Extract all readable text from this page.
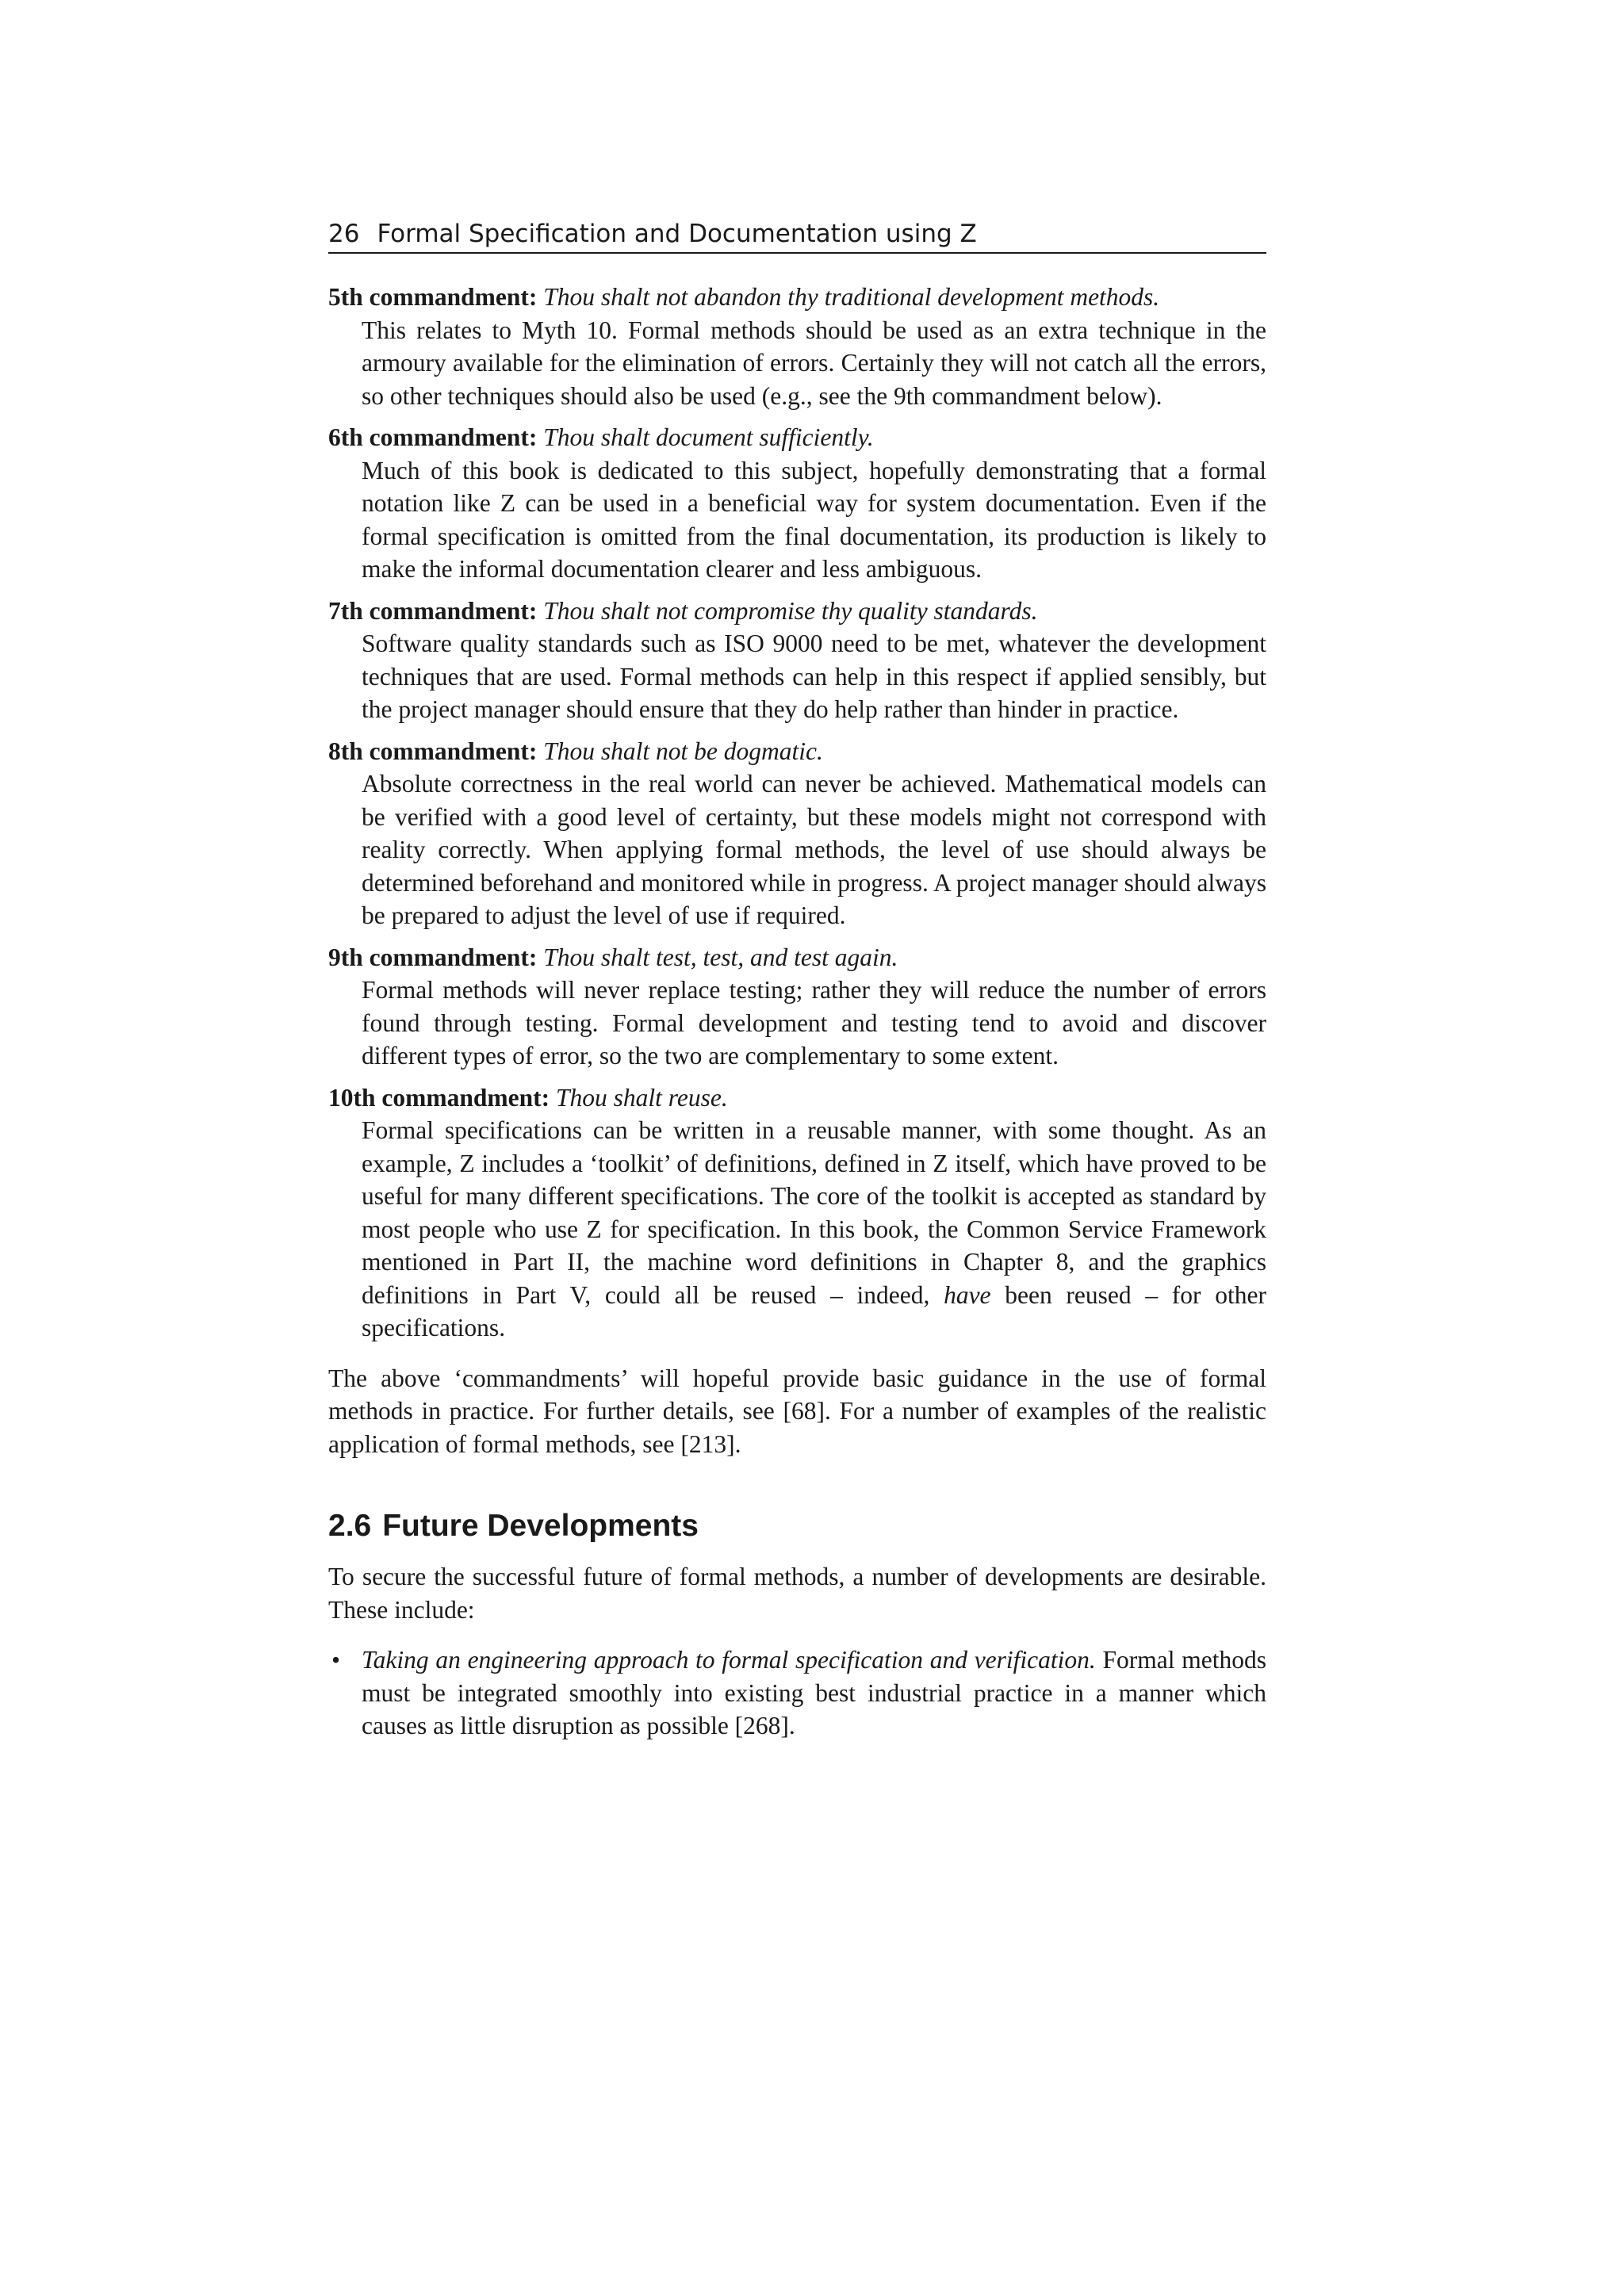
26 Formal Specification and Documentation using Z

5th commandment: Thou shalt not abandon thy traditional development methods.

This relates to Myth 10. Formal methods should be used as an extra technique in the armoury available for the elimination of errors. Certainly they will not catch all the errors, so other techniques should also be used (e.g., see the 9th commandment below).

6th commandment: Thou shalt document sufficiently.

Much of this book is dedicated to this subject, hopefully demonstrating that a formal notation like Z can be used in a beneficial way for system documentation. Even if the formal specification is omitted from the final documentation, its production is likely to make the informal documentation clearer and less ambiguous.

7th commandment: Thou shalt not compromise thy quality standards.

Software quality standards such as ISO 9000 need to be met, whatever the development techniques that are used. Formal methods can help in this respect if applied sensibly, but the project manager should ensure that they do help rather than hinder in practice.

8th commandment: Thou shalt not be dogmatic.

Absolute correctness in the real world can never be achieved. Mathematical models can be verified with a good level of certainty, but these models might not correspond with reality correctly. When applying formal methods, the level of use should always be determined beforehand and monitored while in progress. A project manager should always be prepared to adjust the level of use if required.

9th commandment: Thou shalt test, test, and test again.

Formal methods will never replace testing; rather they will reduce the number of errors found through testing. Formal development and testing tend to avoid and discover different types of error, so the two are complementary to some extent.

10th commandment: Thou shalt reuse.

Formal specifications can be written in a reusable manner, with some thought. As an example, Z includes a ‘toolkit’ of definitions, defined in Z itself, which have proved to be useful for many different specifications. The core of the toolkit is accepted as standard by most people who use Z for specification. In this book, the Common Service Framework mentioned in Part II, the machine word definitions in Chapter 8, and the graphics definitions in Part V, could all be reused – indeed, have been reused – for other specifications.

The above ‘commandments’ will hopeful provide basic guidance in the use of formal methods in practice. For further details, see [68]. For a number of examples of the realistic application of formal methods, see [213].

2.6 Future Developments

To secure the successful future of formal methods, a number of developments are desirable. These include:

• Taking an engineering approach to formal specification and verification. Formal methods must be integrated smoothly into existing best industrial practice in a manner which causes as little disruption as possible [268].
